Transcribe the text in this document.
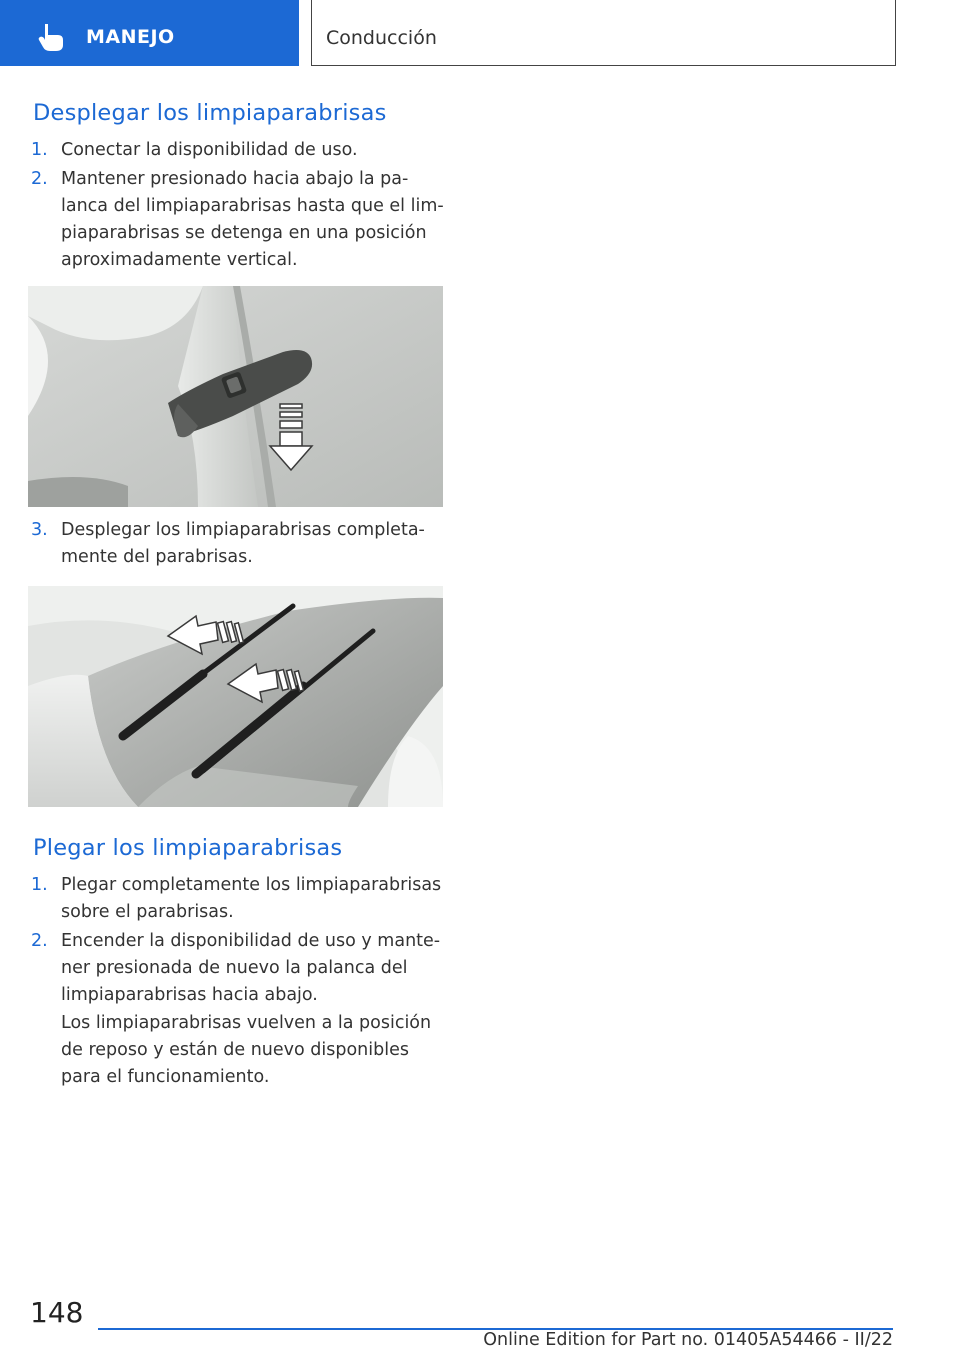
MANEJO	Conducción
Desplegar los limpiaparabrisas
1. Conectar la disponibilidad de uso.
2. Mantener presionado hacia abajo la pa-
lanca del limpiaparabrisas hasta que el lim-
piaparabrisas se detenga en una posición
aproximadamente vertical.
3. Desplegar los limpiaparabrisas completa-
mente del parabrisas.
Plegar los limpiaparabrisas
1. Plegar completamente los limpiaparabrisas
sobre el parabrisas.
2. Encender la disponibilidad de uso y mante-
ner presionada de nuevo la palanca del
limpiaparabrisas hacia abajo.
Los limpiaparabrisas vuelven a la posición
de reposo y están de nuevo disponibles
para el funcionamiento.
148
Online Edition for Part no. 01405A54466 - II/22
